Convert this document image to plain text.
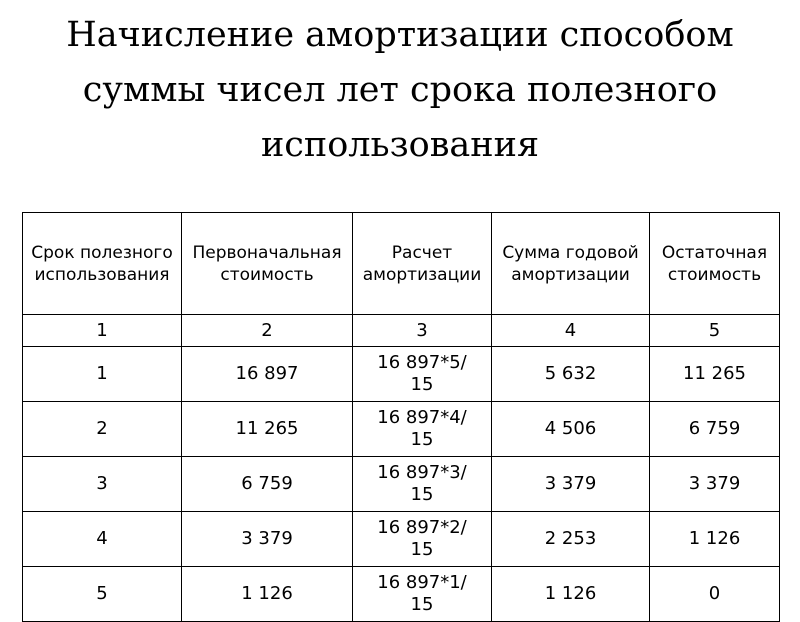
Начисление амортизации способом
суммы чисел лет срока полезного
использования
Срок полезного использования	Первоначальная стоимость	Расчет амортизации	Сумма годовой амортизации	Остаточная стоимость
1	2	3	4	5
1	16 897	16 897*5/15	5 632	11 265
2	11 265	16 897*4/15	4 506	6 759
3	6 759	16 897*3/15	3 379	3 379
4	3 379	16 897*2/15	2 253	1 126
5	1 126	16 897*1/15	1 126	0
